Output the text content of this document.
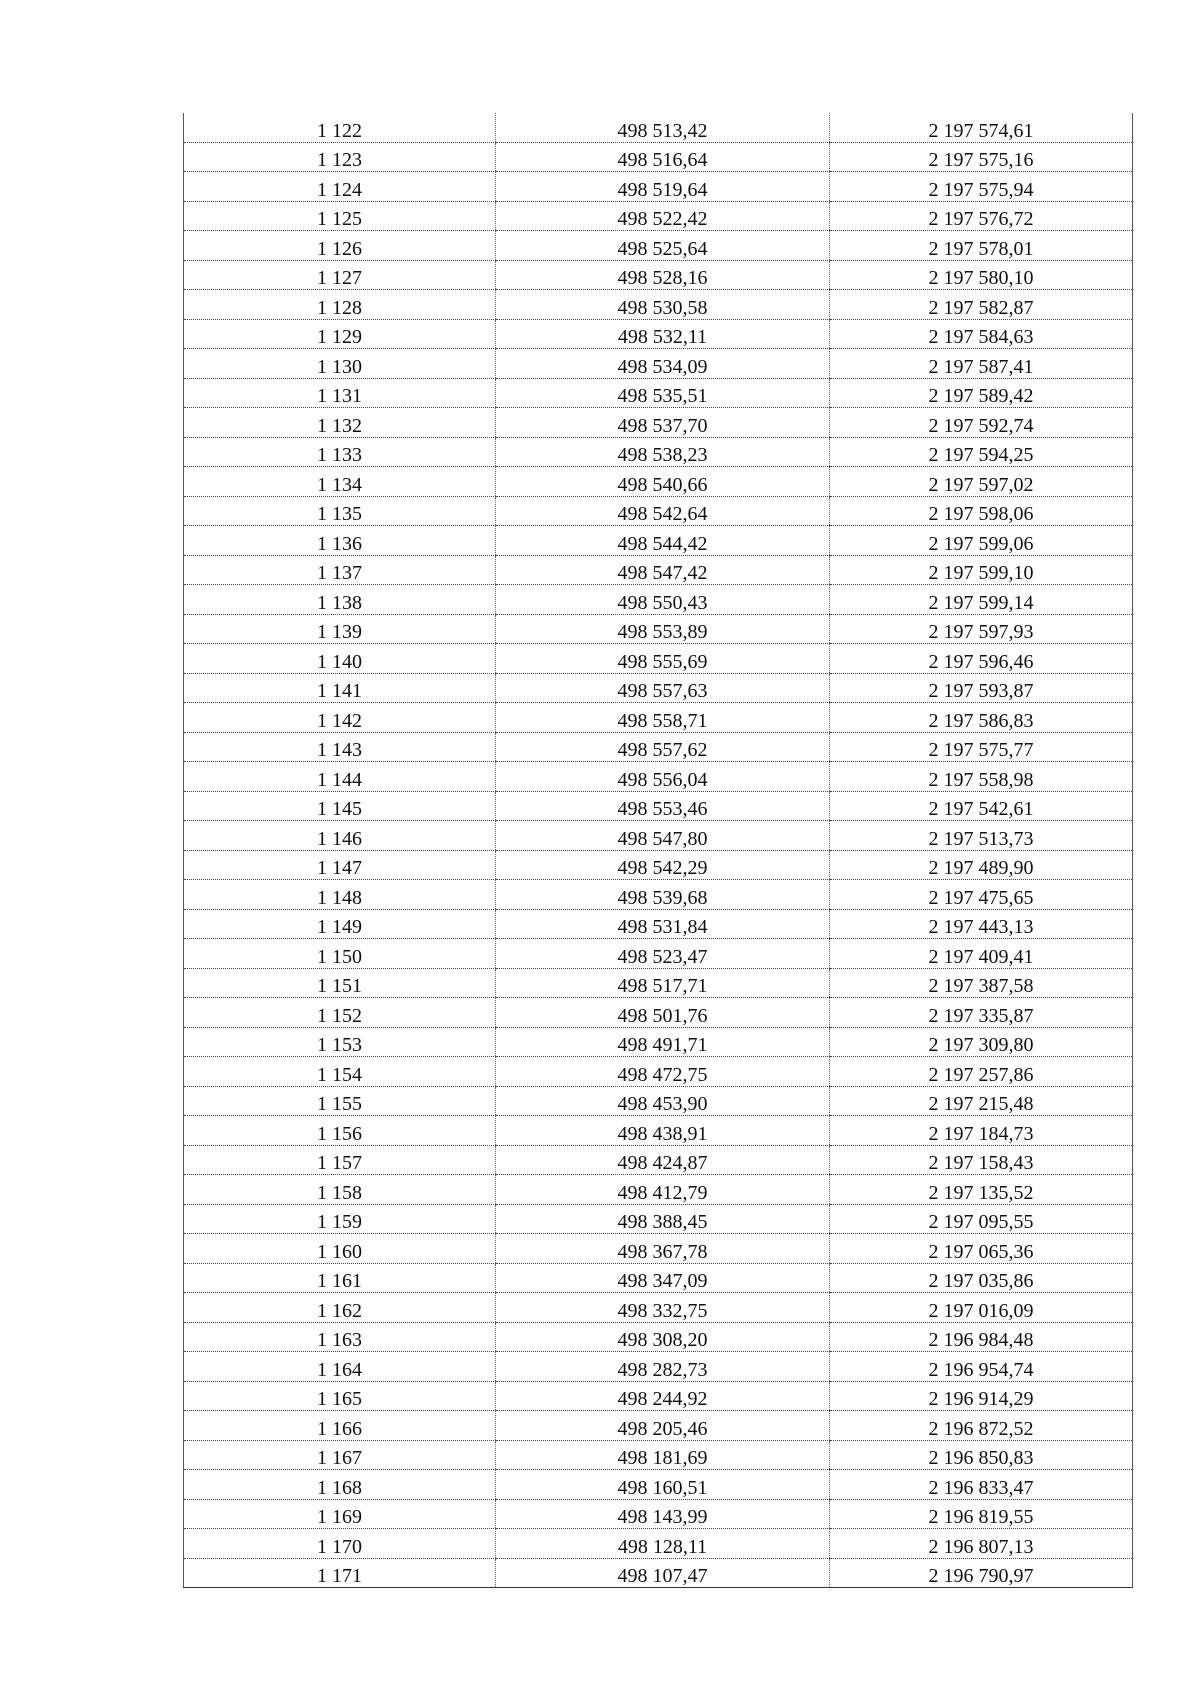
1 122	498 513,42	2 197 574,61
1 123	498 516,64	2 197 575,16
1 124	498 519,64	2 197 575,94
1 125	498 522,42	2 197 576,72
1 126	498 525,64	2 197 578,01
1 127	498 528,16	2 197 580,10
1 128	498 530,58	2 197 582,87
1 129	498 532,11	2 197 584,63
1 130	498 534,09	2 197 587,41
1 131	498 535,51	2 197 589,42
1 132	498 537,70	2 197 592,74
1 133	498 538,23	2 197 594,25
1 134	498 540,66	2 197 597,02
1 135	498 542,64	2 197 598,06
1 136	498 544,42	2 197 599,06
1 137	498 547,42	2 197 599,10
1 138	498 550,43	2 197 599,14
1 139	498 553,89	2 197 597,93
1 140	498 555,69	2 197 596,46
1 141	498 557,63	2 197 593,87
1 142	498 558,71	2 197 586,83
1 143	498 557,62	2 197 575,77
1 144	498 556,04	2 197 558,98
1 145	498 553,46	2 197 542,61
1 146	498 547,80	2 197 513,73
1 147	498 542,29	2 197 489,90
1 148	498 539,68	2 197 475,65
1 149	498 531,84	2 197 443,13
1 150	498 523,47	2 197 409,41
1 151	498 517,71	2 197 387,58
1 152	498 501,76	2 197 335,87
1 153	498 491,71	2 197 309,80
1 154	498 472,75	2 197 257,86
1 155	498 453,90	2 197 215,48
1 156	498 438,91	2 197 184,73
1 157	498 424,87	2 197 158,43
1 158	498 412,79	2 197 135,52
1 159	498 388,45	2 197 095,55
1 160	498 367,78	2 197 065,36
1 161	498 347,09	2 197 035,86
1 162	498 332,75	2 197 016,09
1 163	498 308,20	2 196 984,48
1 164	498 282,73	2 196 954,74
1 165	498 244,92	2 196 914,29
1 166	498 205,46	2 196 872,52
1 167	498 181,69	2 196 850,83
1 168	498 160,51	2 196 833,47
1 169	498 143,99	2 196 819,55
1 170	498 128,11	2 196 807,13
1 171	498 107,47	2 196 790,97
